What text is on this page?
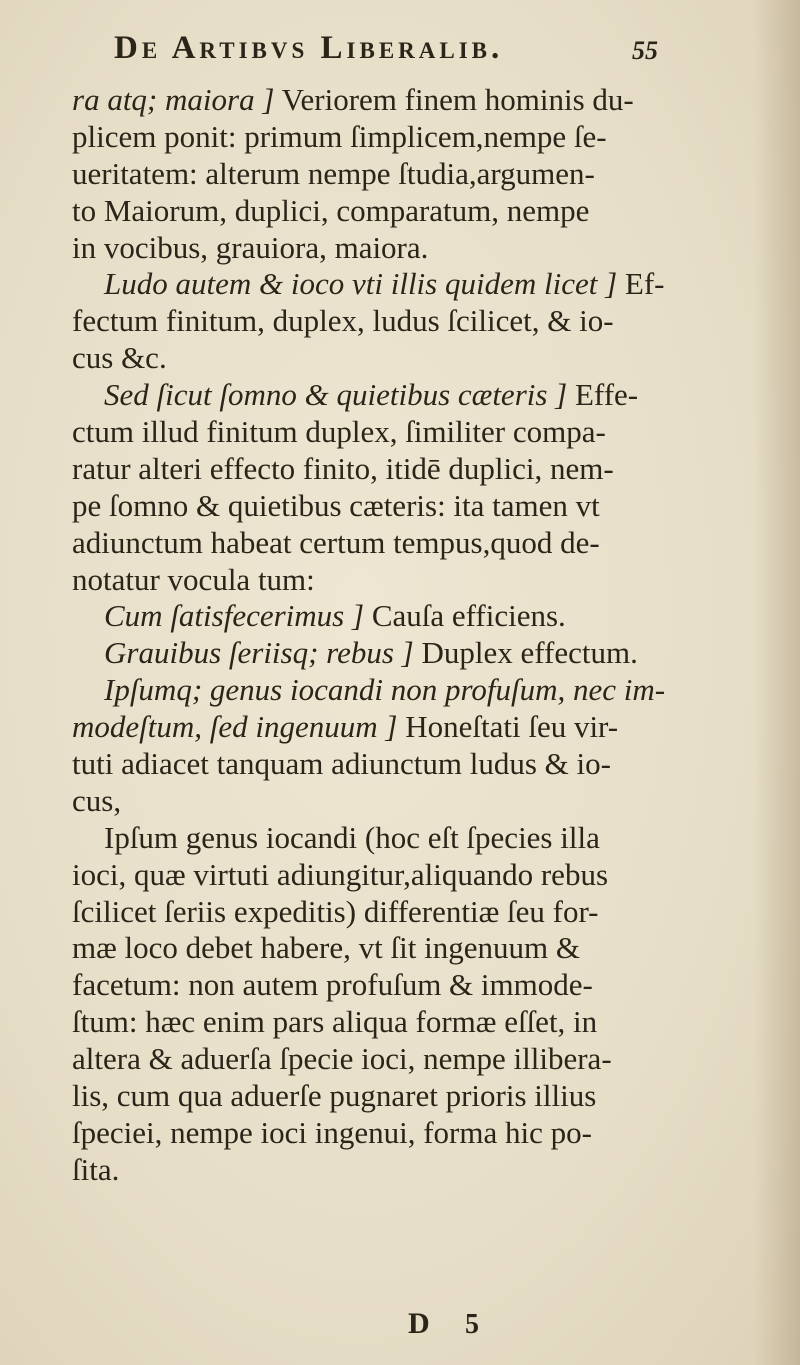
De Artibvs Liberalib.	55
ra atq; maiora ] Veriorem finem hominis du-
plicem ponit: primum ſimplicem,nempe ſe-
ueritatem: alterum nempe ſtudia,argumen-
to Maiorum, duplici, comparatum, nempe
in vocibus, grauiora, maiora.
Ludo autem & ioco vti illis quidem licet ] Ef-
fectum finitum, duplex, ludus ſcilicet, & io-
cus &c.
Sed ſicut ſomno & quietibus cæteris ] Effe-
ctum illud finitum duplex, ſimiliter compa-
ratur alteri effecto finito, itidē duplici, nem-
pe ſomno & quietibus cæteris: ita tamen vt
adiunctum habeat certum tempus,quod de-
notatur vocula tum:
Cum ſatisfecerimus ] Cauſa efficiens.
Grauibus ſeriisq; rebus ] Duplex effectum.
Ipſumq; genus iocandi non profuſum, nec im-
modeſtum, ſed ingenuum ] Honeſtati ſeu vir-
tuti adiacet tanquam adiunctum ludus & io-
cus,
Ipſum genus iocandi (hoc eſt ſpecies illa
ioci, quæ virtuti adiungitur,aliquando rebus
ſcilicet ſeriis expeditis) differentiæ ſeu for-
mæ loco debet habere, vt ſit ingenuum &
facetum: non autem profuſum & immode-
ſtum: hæc enim pars aliqua formæ eſſet, in
altera & aduerſa ſpecie ioci, nempe illibera-
lis, cum qua aduerſe pugnaret prioris illius
ſpeciei, nempe ioci ingenui, forma hic po-
ſita.
D 5
